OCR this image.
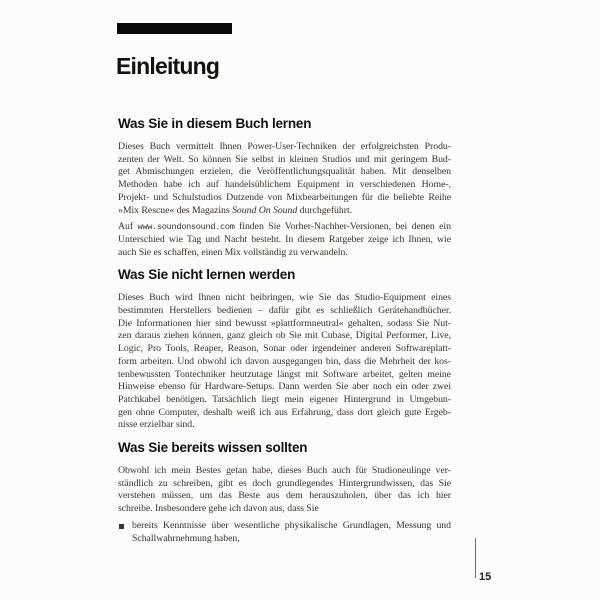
Einleitung
Was Sie in diesem Buch lernen
Dieses Buch vermittelt Ihnen Power-User-Techniken der erfolgreichsten Produ-
zenten der Welt. So können Sie selbst in kleinen Studios und mit geringem Bud-
get Abmischungen erzielen, die Veröffentlichungsqualität haben. Mit denselben
Methoden habe ich auf handelsüblichem Equipment in verschiedenen Home-,
Projekt- und Schulstudios Dutzende von Mixbearbeitungen für die beliebte Reihe
»Mix Rescue« des Magazins Sound On Sound durchgeführt.
Auf www.soundonsound.com finden Sie Vorher-Nachher-Versionen, bei denen ein
Unterschied wie Tag und Nacht besteht. In diesem Ratgeber zeige ich Ihnen, wie
auch Sie es schaffen, einen Mix vollständig zu verwandeln.
Was Sie nicht lernen werden
Dieses Buch wird Ihnen nicht beibringen, wie Sie das Studio-Equipment eines
bestimmten Herstellers bedienen – dafür gibt es schließlich Gerätehandbücher.
Die Informationen hier sind bewusst »plattformneutral« gehalten, sodass Sie Nut-
zen daraus ziehen können, ganz gleich ob Sie mit Cubase, Digital Performer, Live,
Logic, Pro Tools, Reaper, Reason, Sonar oder irgendeiner anderen Softwareplatt-
form arbeiten. Und obwohl ich davon ausgegangen bin, dass die Mehrheit der kos-
tenbewussten Tontechniker heutzutage längst mit Software arbeitet, gelten meine
Hinweise ebenso für Hardware-Setups. Dann werden Sie aber noch ein oder zwei
Patchkabel benötigen. Tatsächlich liegt mein eigener Hintergrund in Umgebun-
gen ohne Computer, deshalb weiß ich aus Erfahrung, dass dort gleich gute Ergeb-
nisse erzielbar sind.
Was Sie bereits wissen sollten
Obwohl ich mein Bestes getan habe, dieses Buch auch für Studioneulinge ver-
ständlich zu schreiben, gibt es doch grundlegendes Hintergrundwissen, das Sie
verstehen müssen, um das Beste aus dem herauszuholen, über das ich hier
schreibe. Insbesondere gehe ich davon aus, dass Sie
bereits Kenntnisse über wesentliche physikalische Grundlagen, Messung und
Schallwahrnehmung haben,
15
